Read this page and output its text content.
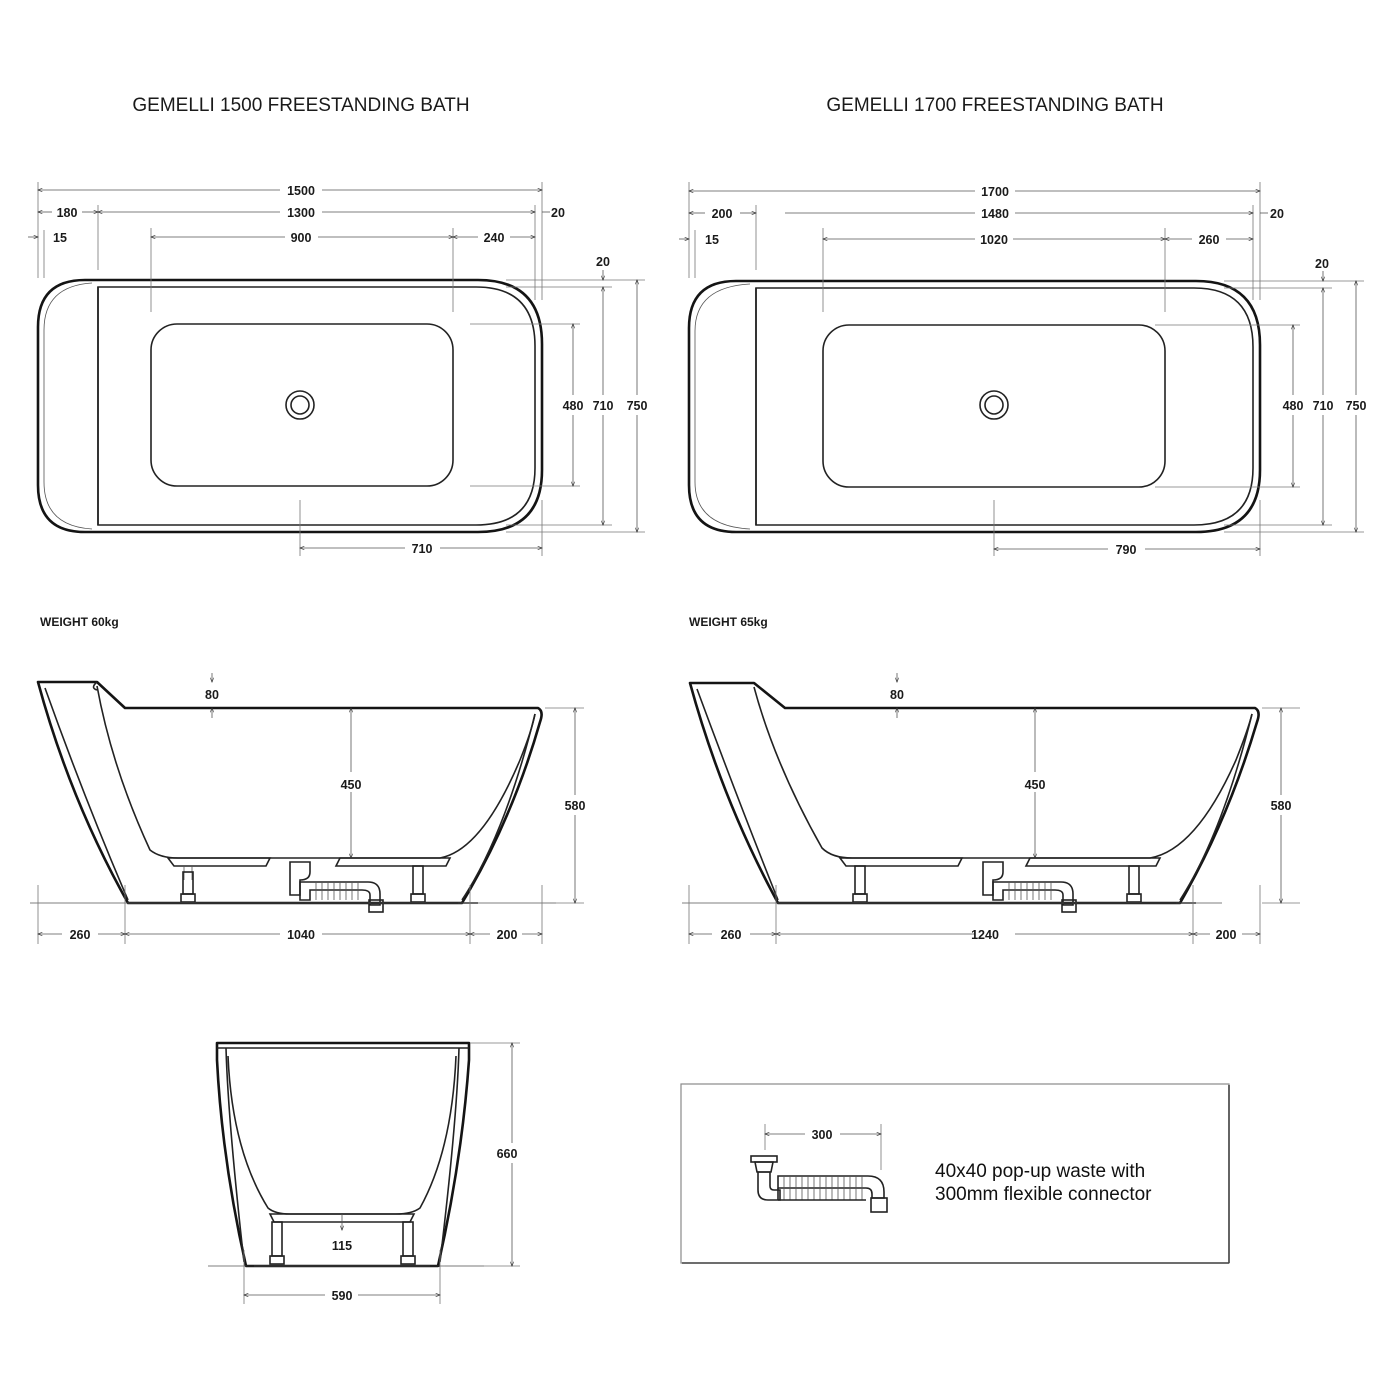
GEMELLI 1500 FREESTANDING BATH	GEMELLI 1700 FREESTANDING BATH
1500
180	1300	20
15	900	240
20
480 710 750
710
1700
200	1480	20
15	1020	260
20
480 710 750
790
WEIGHT 60kg	WEIGHT 65kg
80
450
580
260	1040	200
80
450
580
260	1240	200
660
115
590
300
40x40 pop-up waste with
300mm flexible connector
